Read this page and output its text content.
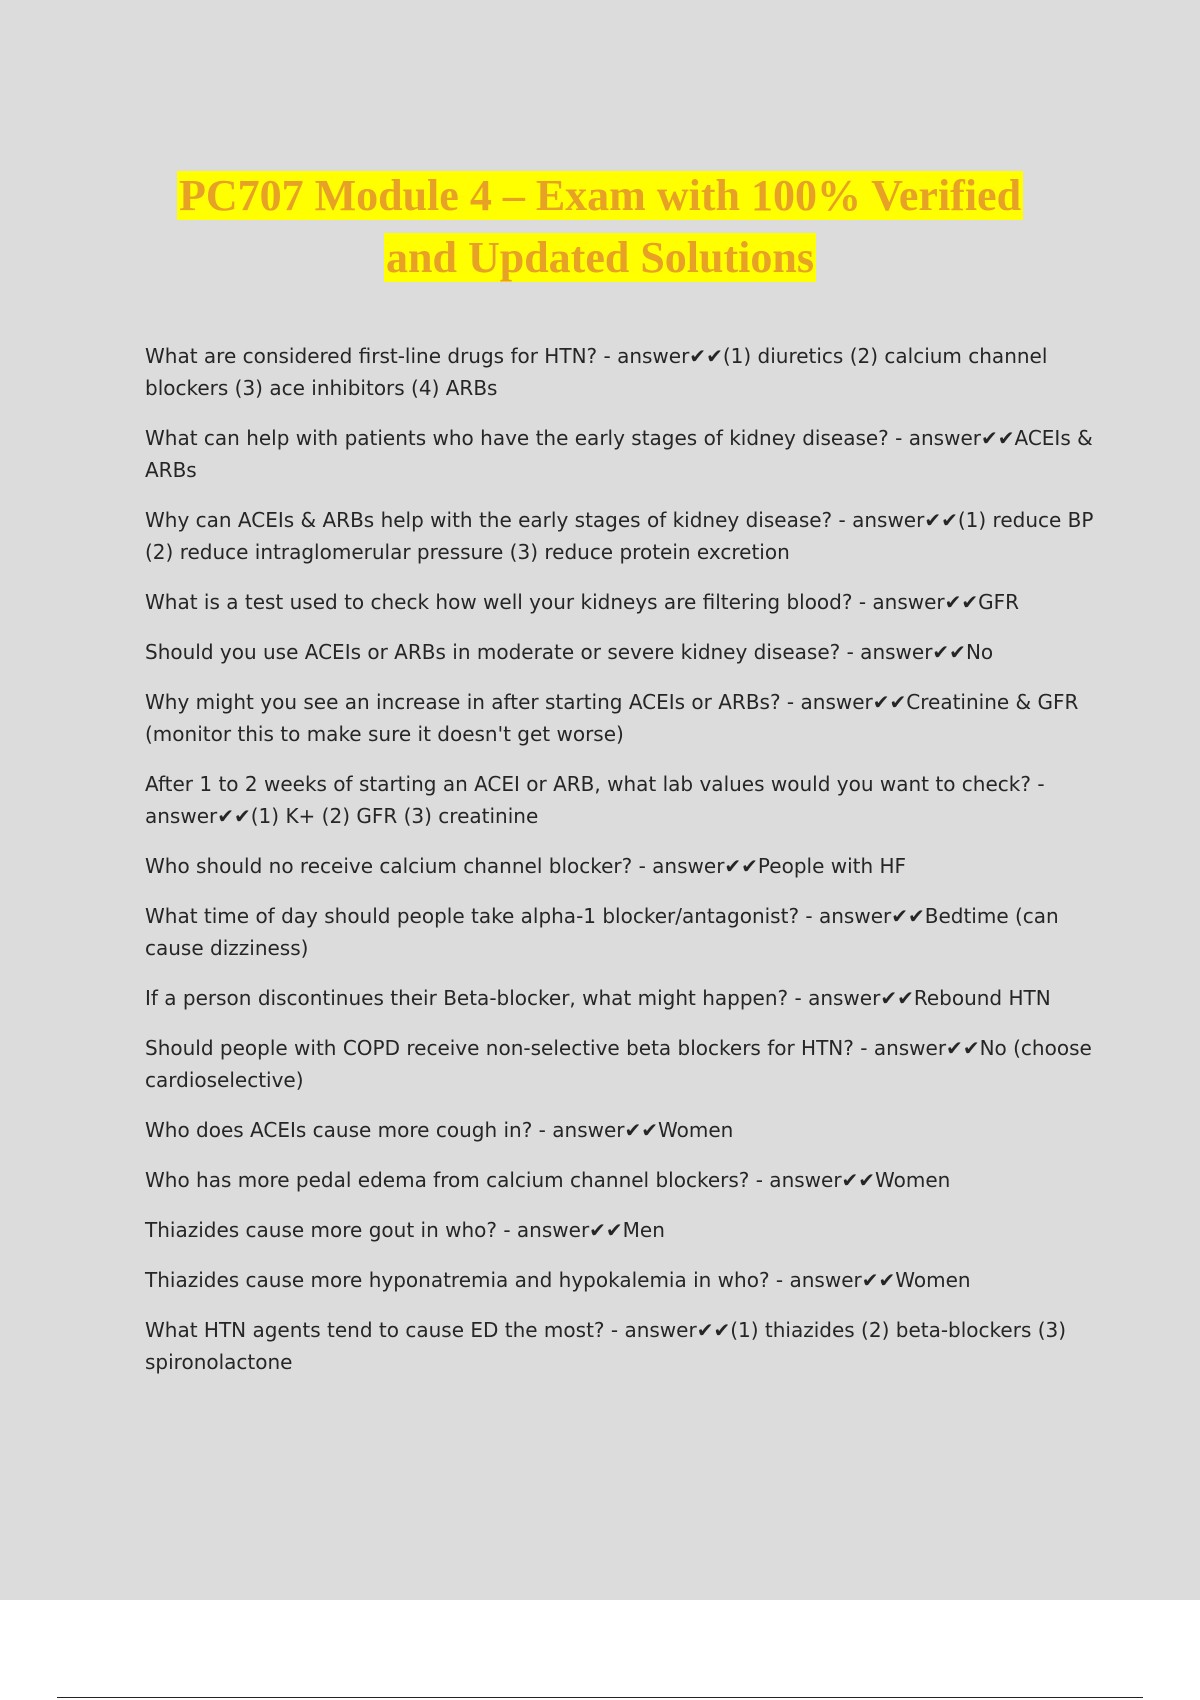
PC707 Module 4 – Exam with 100% Verified
and Updated Solutions

What are considered first-line drugs for HTN? - answer✔✔(1) diuretics (2) calcium channel blockers (3) ace inhibitors (4) ARBs

What can help with patients who have the early stages of kidney disease? - answer✔✔ACEIs & ARBs

Why can ACEIs & ARBs help with the early stages of kidney disease? - answer✔✔(1) reduce BP (2) reduce intraglomerular pressure (3) reduce protein excretion

What is a test used to check how well your kidneys are filtering blood? - answer✔✔GFR

Should you use ACEIs or ARBs in moderate or severe kidney disease? - answer✔✔No

Why might you see an increase in after starting ACEIs or ARBs? - answer✔✔Creatinine & GFR (monitor this to make sure it doesn't get worse)

After 1 to 2 weeks of starting an ACEI or ARB, what lab values would you want to check? - answer✔✔(1) K+ (2) GFR (3) creatinine

Who should no receive calcium channel blocker? - answer✔✔People with HF

What time of day should people take alpha-1 blocker/antagonist? - answer✔✔Bedtime (can cause dizziness)

If a person discontinues their Beta-blocker, what might happen? - answer✔✔Rebound HTN

Should people with COPD receive non-selective beta blockers for HTN? - answer✔✔No (choose cardioselective)

Who does ACEIs cause more cough in? - answer✔✔Women

Who has more pedal edema from calcium channel blockers? - answer✔✔Women

Thiazides cause more gout in who? - answer✔✔Men

Thiazides cause more hyponatremia and hypokalemia in who? - answer✔✔Women

What HTN agents tend to cause ED the most? - answer✔✔(1) thiazides (2) beta-blockers (3) spironolactone
